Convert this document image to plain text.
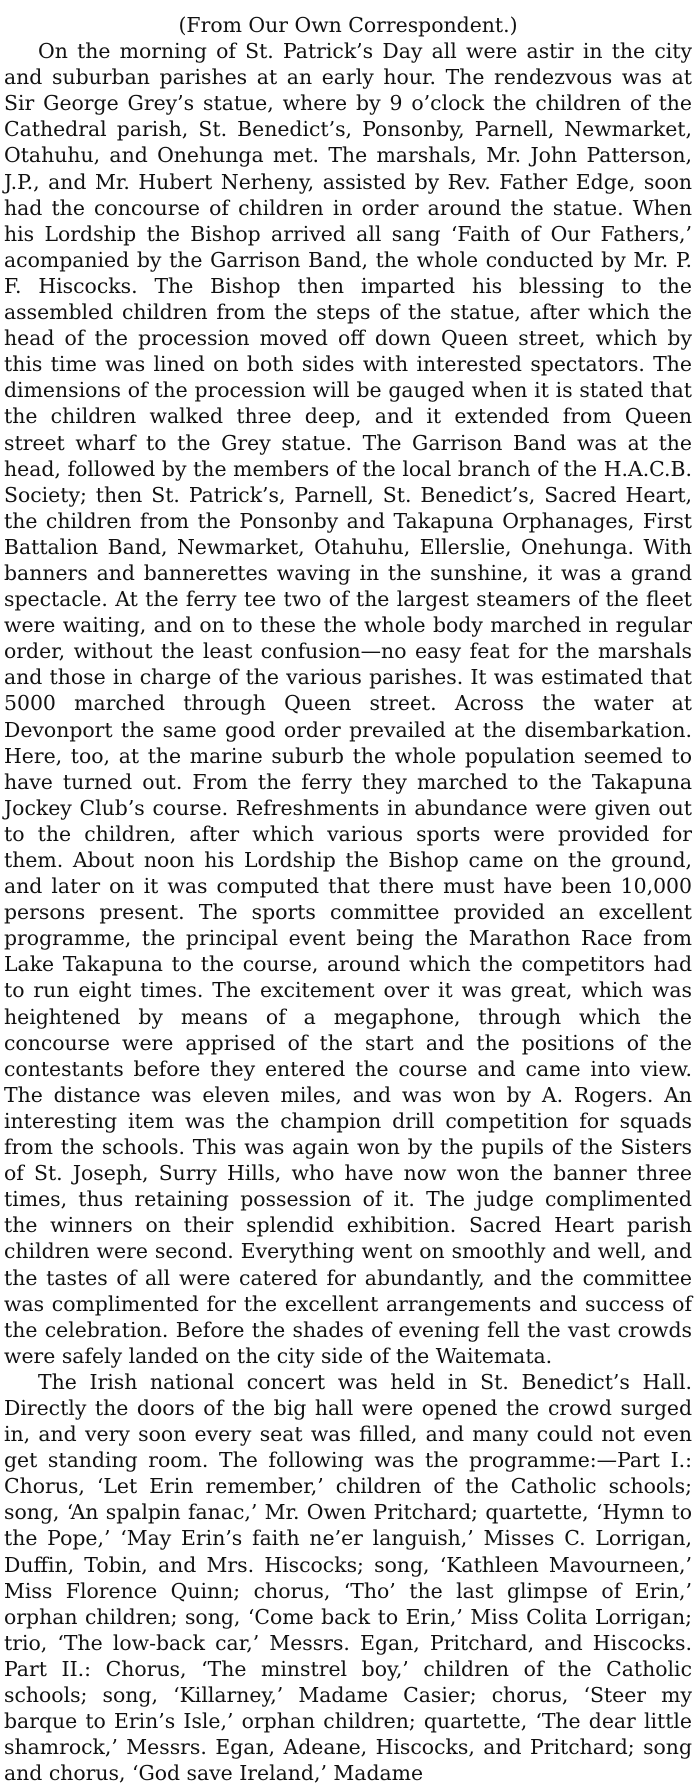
(From Our Own Correspondent.)

On the morning of St. Patrick’s Day all were astir in the city and suburban parishes at an early hour. The rendezvous was at Sir George Grey’s statue, where by 9 o’clock the children of the Cathedral parish, St. Benedict’s, Ponsonby, Parnell, Newmarket, Otahuhu, and Onehunga met. The marshals, Mr. John Patterson, J.P., and Mr. Hubert Nerheny, assisted by Rev. Father Edge, soon had the concourse of children in order around the statue. When his Lordship the Bishop arrived all sang ‘Faith of Our Fathers,’ acompanied by the Garrison Band, the whole conducted by Mr. P. F. Hiscocks. The Bishop then imparted his blessing to the assembled children from the steps of the statue, after which the head of the procession moved off down Queen street, which by this time was lined on both sides with interested spectators. The dimensions of the procession will be gauged when it is stated that the children walked three deep, and it extended from Queen street wharf to the Grey statue. The Garrison Band was at the head, followed by the members of the local branch of the H.A.C.B. Society; then St. Patrick’s, Parnell, St. Benedict’s, Sacred Heart, the children from the Ponsonby and Takapuna Orphanages, First Battalion Band, Newmarket, Otahuhu, Ellerslie, Onehunga. With banners and bannerettes waving in the sunshine, it was a grand spectacle. At the ferry tee two of the largest steamers of the fleet were waiting, and on to these the whole body marched in regular order, without the least confusion—no easy feat for the marshals and those in charge of the various parishes. It was estimated that 5000 marched through Queen street. Across the water at Devonport the same good order prevailed at the disembarkation. Here, too, at the marine suburb the whole population seemed to have turned out. From the ferry they marched to the Takapuna Jockey Club’s course. Refreshments in abundance were given out to the children, after which various sports were provided for them. About noon his Lordship the Bishop came on the ground, and later on it was computed that there must have been 10,000 persons present. The sports committee provided an excellent programme, the principal event being the Marathon Race from Lake Takapuna to the course, around which the competitors had to run eight times. The excitement over it was great, which was heightened by means of a megaphone, through which the concourse were apprised of the start and the positions of the contestants before they entered the course and came into view. The distance was eleven miles, and was won by A. Rogers. An interesting item was the champion drill competition for squads from the schools. This was again won by the pupils of the Sisters of St. Joseph, Surry Hills, who have now won the banner three times, thus retaining possession of it. The judge complimented the winners on their splendid exhibition. Sacred Heart parish children were second. Everything went on smoothly and well, and the tastes of all were catered for abundantly, and the committee was complimented for the excellent arrangements and success of the celebration. Before the shades of evening fell the vast crowds were safely landed on the city side of the Waitemata.

The Irish national concert was held in St. Benedict’s Hall. Directly the doors of the big hall were opened the crowd surged in, and very soon every seat was filled, and many could not even get standing room. The following was the programme:—Part I.: Chorus, ‘Let Erin remember,’ children of the Catholic schools; song, ‘An spalpin fanac,’ Mr. Owen Pritchard; quartette, ‘Hymn to the Pope,’ ‘May Erin’s faith ne’er languish,’ Misses C. Lorrigan, Duffin, Tobin, and Mrs. Hiscocks; song, ‘Kathleen Mavourneen,’ Miss Florence Quinn; chorus, ‘Tho’ the last glimpse of Erin,’ orphan children; song, ‘Come back to Erin,’ Miss Colita Lorrigan; trio, ‘The low-back car,’ Messrs. Egan, Pritchard, and Hiscocks. Part II.: Chorus, ‘The minstrel boy,’ children of the Catholic schools; song, ‘Killarney,’ Madame Casier; chorus, ‘Steer my barque to Erin’s Isle,’ orphan children; quartette, ‘The dear little shamrock,’ Messrs. Egan, Adeane, Hiscocks, and Pritchard; song and chorus, ‘God save Ireland,’ Madame
